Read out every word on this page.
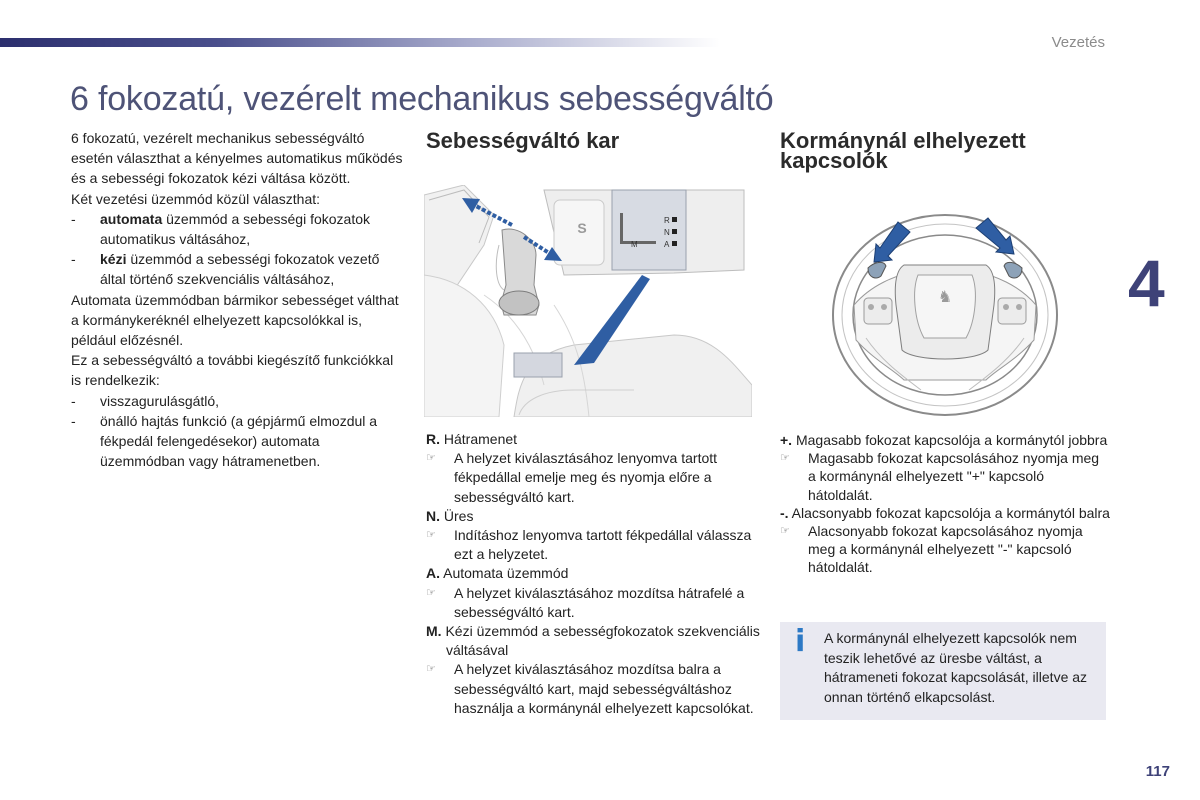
Vezetés
6 fokozatú, vezérelt mechanikus sebességváltó
4
117

6 fokozatú, vezérelt mechanikus sebességváltó esetén választhat a kényelmes automatikus működés és a sebességi fokozatok kézi váltása között.

Két vezetési üzemmód közül választhat:

-	automata üzemmód a sebességi fokozatok automatikus váltásához,
-	kézi üzemmód a sebességi fokozatok vezető által történő szekvenciális váltásához,

Automata üzemmódban bármikor sebességet válthat a kormánykeréknél elhelyezett kapcsolókkal is, például előzésnél.

Ez a sebességváltó a további kiegészítő funkciókkal is rendelkezik:

-	visszagurulásgátló,
-	önálló hajtás funkció (a gépjármű elmozdul a fékpedál felengedésekor) automata üzemmódban vagy hátramenetben.
Sebességváltó kar
S	R
N
A
M

R. Hátramenet

☞	A helyzet kiválasztásához lenyomva tartott fékpedállal emelje meg és nyomja előre a sebességváltó kart.

N. Üres

☞	Indításhoz lenyomva tartott fékpedállal válassza ezt a helyzetet.

A. Automata üzemmód

☞	A helyzet kiválasztásához mozdítsa hátrafelé a sebességváltó kart.

M. Kézi üzemmód a sebességfokozatok szekvenciális váltásával

☞	A helyzet kiválasztásához mozdítsa balra a sebességváltó kart, majd sebességváltáshoz használja a kormánynál elhelyezett kapcsolókat.
Kormánynál elhelyezett kapcsolók
♞

+. Magasabb fokozat kapcsolója a kormánytól jobbra

☞	Magasabb fokozat kapcsolásához nyomja meg a kormánynál elhelyezett "+" kapcsoló hátoldalát.

-. Alacsonyabb fokozat kapcsolója a kormánytól balra

☞	Alacsonyabb fokozat kapcsolásához nyomja meg a kormánynál elhelyezett "-" kapcsoló hátoldalát.
i A kormánynál elhelyezett kapcsolók nem teszik lehetővé az üresbe váltást, a hátrameneti fokozat kapcsolását, illetve az onnan történő elkapcsolást.
